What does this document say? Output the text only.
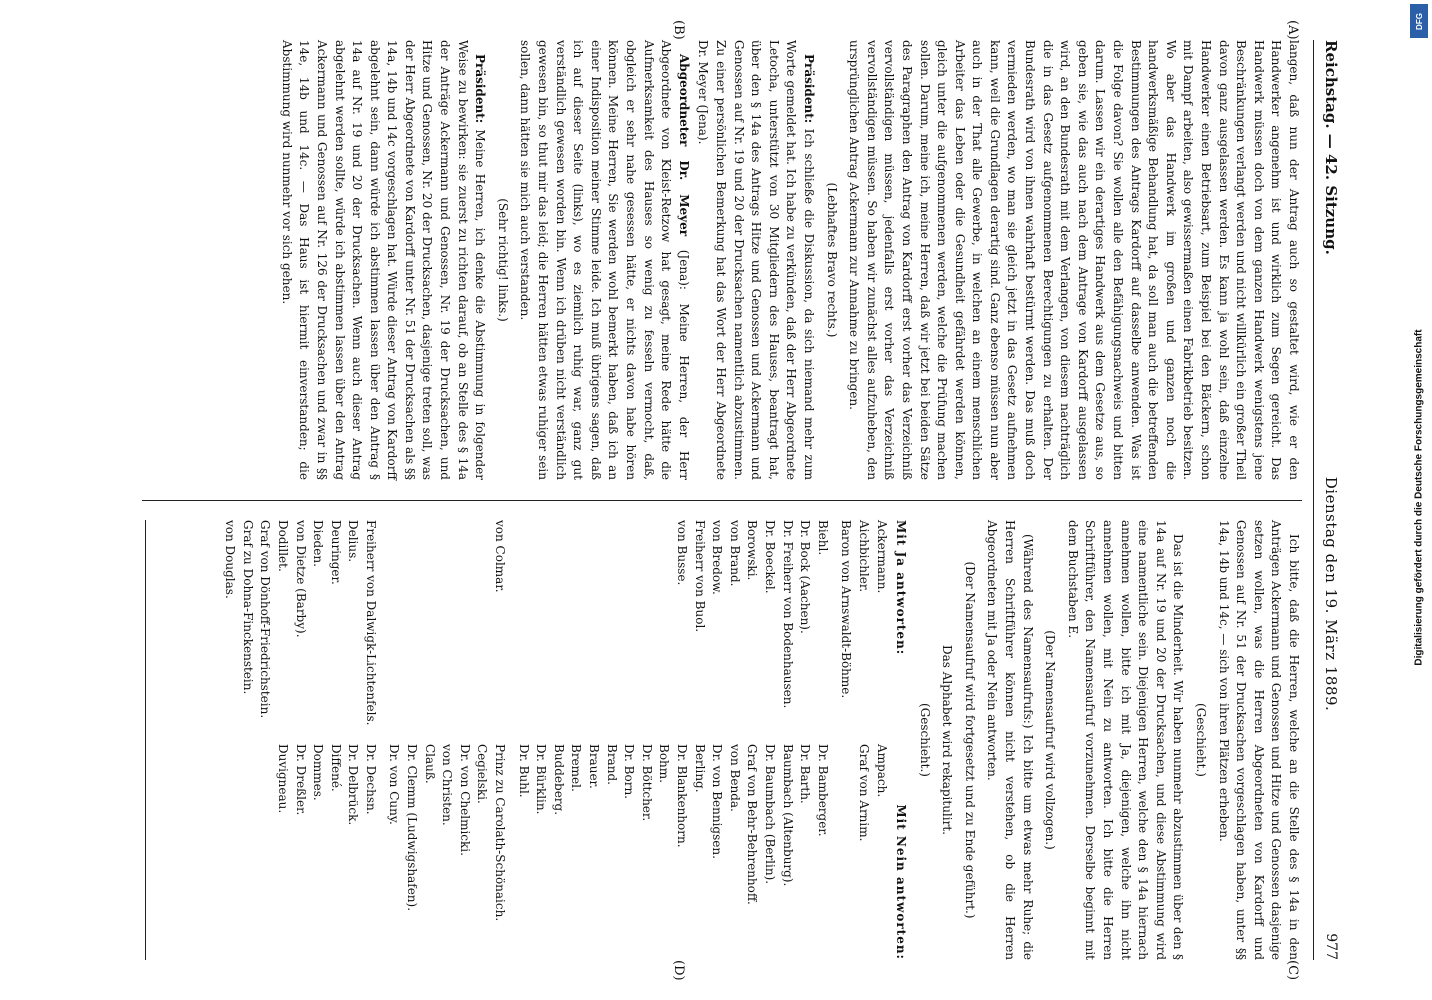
Reichstag. — 42. Sitzung.
Dienstag den 19. März 1889.
977
(A)
(B)
(C)
(D)

langen, daß nun der Antrag auch so gestaltet wird, wie er den Handwerker angenehm ist und wirklich zum Segen gereicht. Das Handwerk müssen doch von dem ganzen Handwerk wenigstens jene Beschränkungen verlangt werden und nicht willkürlich ein großer Theil davon ganz ausgelassen werden. Es kann ja wohl sein, daß einzelne Handwerker einen Betriebsart, zum Beispiel bei den Bäckern, schon mit Dampf arbeiten, also gewissermaßen einen Fabrikbetrieb besitzen. Wo aber das Handwerk im großen und ganzen noch die handwerksmäßige Behandlung hat, da soll man auch die betreffenden Bestimmungen des Antrags Kardorff auf dasselbe anwenden. Was ist die Folge davon? Sie wollen alle den Befähigungsnachweis und bitten darum. Lassen wir ein derartiges Handwerk aus dem Gesetze aus, so geben sie, wie das auch nach dem Antrage von Kardorff ausgelassen wird, an den Bundesrath mit dem Verlangen, von diesem nachträglich die in das Gesetz aufgenommenen Berechtigungen zu erhalten. Der Bundesrath wird von ihnen wahrhaft bestürmt werden. Das muß doch vermieden werden, wo man sie gleich jetzt in das Gesetz aufnehmen kann, weil die Grundlagen derartig sind. Ganz ebenso müssen nun aber auch in der That alle Gewerbe, in welchen an einem menschlichen Arbeiter das Leben oder die Gesundheit gefährdet werden können, gleich unter die aufgenommenen werden, welche die Prüfung machen sollen. Darum, meine ich, meine Herren, daß wir jetzt bei beiden Sätze des Paragraphen den Antrag von Kardorff erst vorher das Verzeichniß vervollständigen müssen, jedenfalls erst vorher das Verzeichniß vervollständigen müssen. So haben wir zunächst alles aufzuheben, den ursprünglichen Antrag Ackermann zur Annahme zu bringen.

(Lebhaftes Bravo rechts.)

Präsident: Ich schließe die Diskussion, da sich niemand mehr zum Worte gemeldet hat. Ich habe zu verkünden, daß der Herr Abgeordnete Letocha, unterstützt von 30 Mitgliedern des Hauses, beantragt hat, über den § 14a des Antrags Hitze und Genossen und Ackermann und Genossen auf Nr. 19 und 20 der Drucksachen namentlich abzustimmen. Zu einer persönlichen Bemerkung hat das Wort der Herr Abgeordnete Dr. Meyer (Jena).

Abgeordneter Dr. Meyer (Jena): Meine Herren, der Herr Abgeordnete von Kleist-Retzow hat gesagt, meine Rede hätte die Aufmerksamkeit des Hauses so wenig zu fesseln vermocht, daß, obgleich er sehr nahe gesessen hätte, er nichts davon habe hören können. Meine Herren, Sie werden wohl bemerkt haben, daß ich an einer Indisposition meiner Stimme leide. Ich muß übrigens sagen, daß ich auf dieser Seite (links), wo es ziemlich ruhig war, ganz gut verständlich gewesen worden bin. Wenn ich drüben nicht verständlich gewesen bin, so thut mir das leid; die Herren hätten etwas ruhiger sein sollen, dann hätten sie mich auch verstanden.

(Sehr richtig! links.)

Präsident: Meine Herren, ich denke die Abstimmung in folgender Weise zu bewirken: sie zuerst zu richten darauf, ob an Stelle des § 14a der Anträge Ackermann und Genossen, Nr. 19 der Drucksachen, und Hitze und Genossen, Nr. 20 der Drucksachen, dasjenige treten soll, was der Herr Abgeordnete von Kardorff unter Nr. 51 der Drucksachen als §§ 14a, 14b und 14c vorgeschlagen hat. Würde dieser Antrag von Kardorff abgelehnt sein, dann würde ich abstimmen lassen über den Antrag § 14a auf Nr. 19 und 20 der Drucksachen. Wenn auch dieser Antrag abgelehnt werden sollte, würde ich abstimmen lassen über den Antrag Ackermann und Genossen auf Nr. 126 der Drucksachen und zwar in §§ 14e, 14b und 14c. — Das Haus ist hiermit einverstanden; die Abstimmung wird nunmehr vor sich gehen.

Ich bitte, daß die Herren, welche an die Stelle des § 14a in den Anträgen Ackermann und Genossen und Hitze und Genossen dasjenige setzen wollen, was die Herren Abgeordneten von Kardorff und Genossen auf Nr. 51 der Drucksachen vorgeschlagen haben, unter §§ 14a, 14b und 14c, — sich von ihren Plätzen erheben.

(Geschieht.)

Das ist die Minderheit. Wir haben nunmehr abzustimmen über den § 14a auf Nr. 19 und 20 der Drucksachen, und diese Abstimmung wird eine namentliche sein. Diejenigen Herren, welche den § 14a hiernach annehmen wollen, bitte ich mit Ja, diejenigen, welche ihn nicht annehmen wollen, mit Nein zu antworten. Ich bitte die Herren Schriftführer, den Namensaufruf vorzunehmen. Derselbe beginnt mit dem Buchstaben E.

(Der Namensaufruf wird vollzogen.)

(Während des Namensaufrufs:) Ich bitte um etwas mehr Ruhe; die Herren Schriftführer können nicht verstehen, ob die Herren Abgeordneten mit Ja oder Nein antworten.

(Der Namensaufruf wird fortgesetzt und zu Ende geführt.)

Das Alphabet wird rekapitulirt.

(Geschieht.)

Mit Ja antworten:
Mit Nein antworten:
Ackermann.
Aichbichler.
Baron von Arnswaldt-Böhme.
Ampach.
Graf von Arnim.
Biehl.
Dr. Bock (Aachen).
Dr. Freiherr von Bodenhausen.
Dr. Boeckel.
Borowski.
von Brand.
von Bredow.
Freiherr von Buol.
von Busse.
Dr. Bamberger.
Dr. Barth.
Baumbach (Altenburg).
Dr. Baumbach (Berlin).
Graf von Behr-Behrenhoff.
von Benda.
Dr. von Bennigsen.
Berling.
Dr. Blankenhorn.
Bohm.
Dr. Böttcher.
Dr. Born.
Brand.
Brauer.
Bremel.
Buddeberg.
Dr. Bürklin.
Dr. Buhl.
von Colmar.
Prinz zu Carolath-Schönaich.
Cegielski.
Dr. von Chelmicki.
von Christen.
Clauß.
Dr. Clemm (Ludwigshafen).
Dr. von Cuny.
Freiherr von Dalwigk-Lichtenfels.
Delius.
Deuringer.
Dieden.
von Dietze (Barby).
Dodillet.
Graf von Dönhoff-Friedrichstein.
Graf zu Dohna-Finckenstein.
von Douglas.
Dr. Dechsn.
Dr. Delbrück.
Diffené.
Dommes.
Dr. Dreßler.
Duvigneau.
Digitalisierung gefördert durch die Deutsche Forschungsgemeinschaft
DFG
